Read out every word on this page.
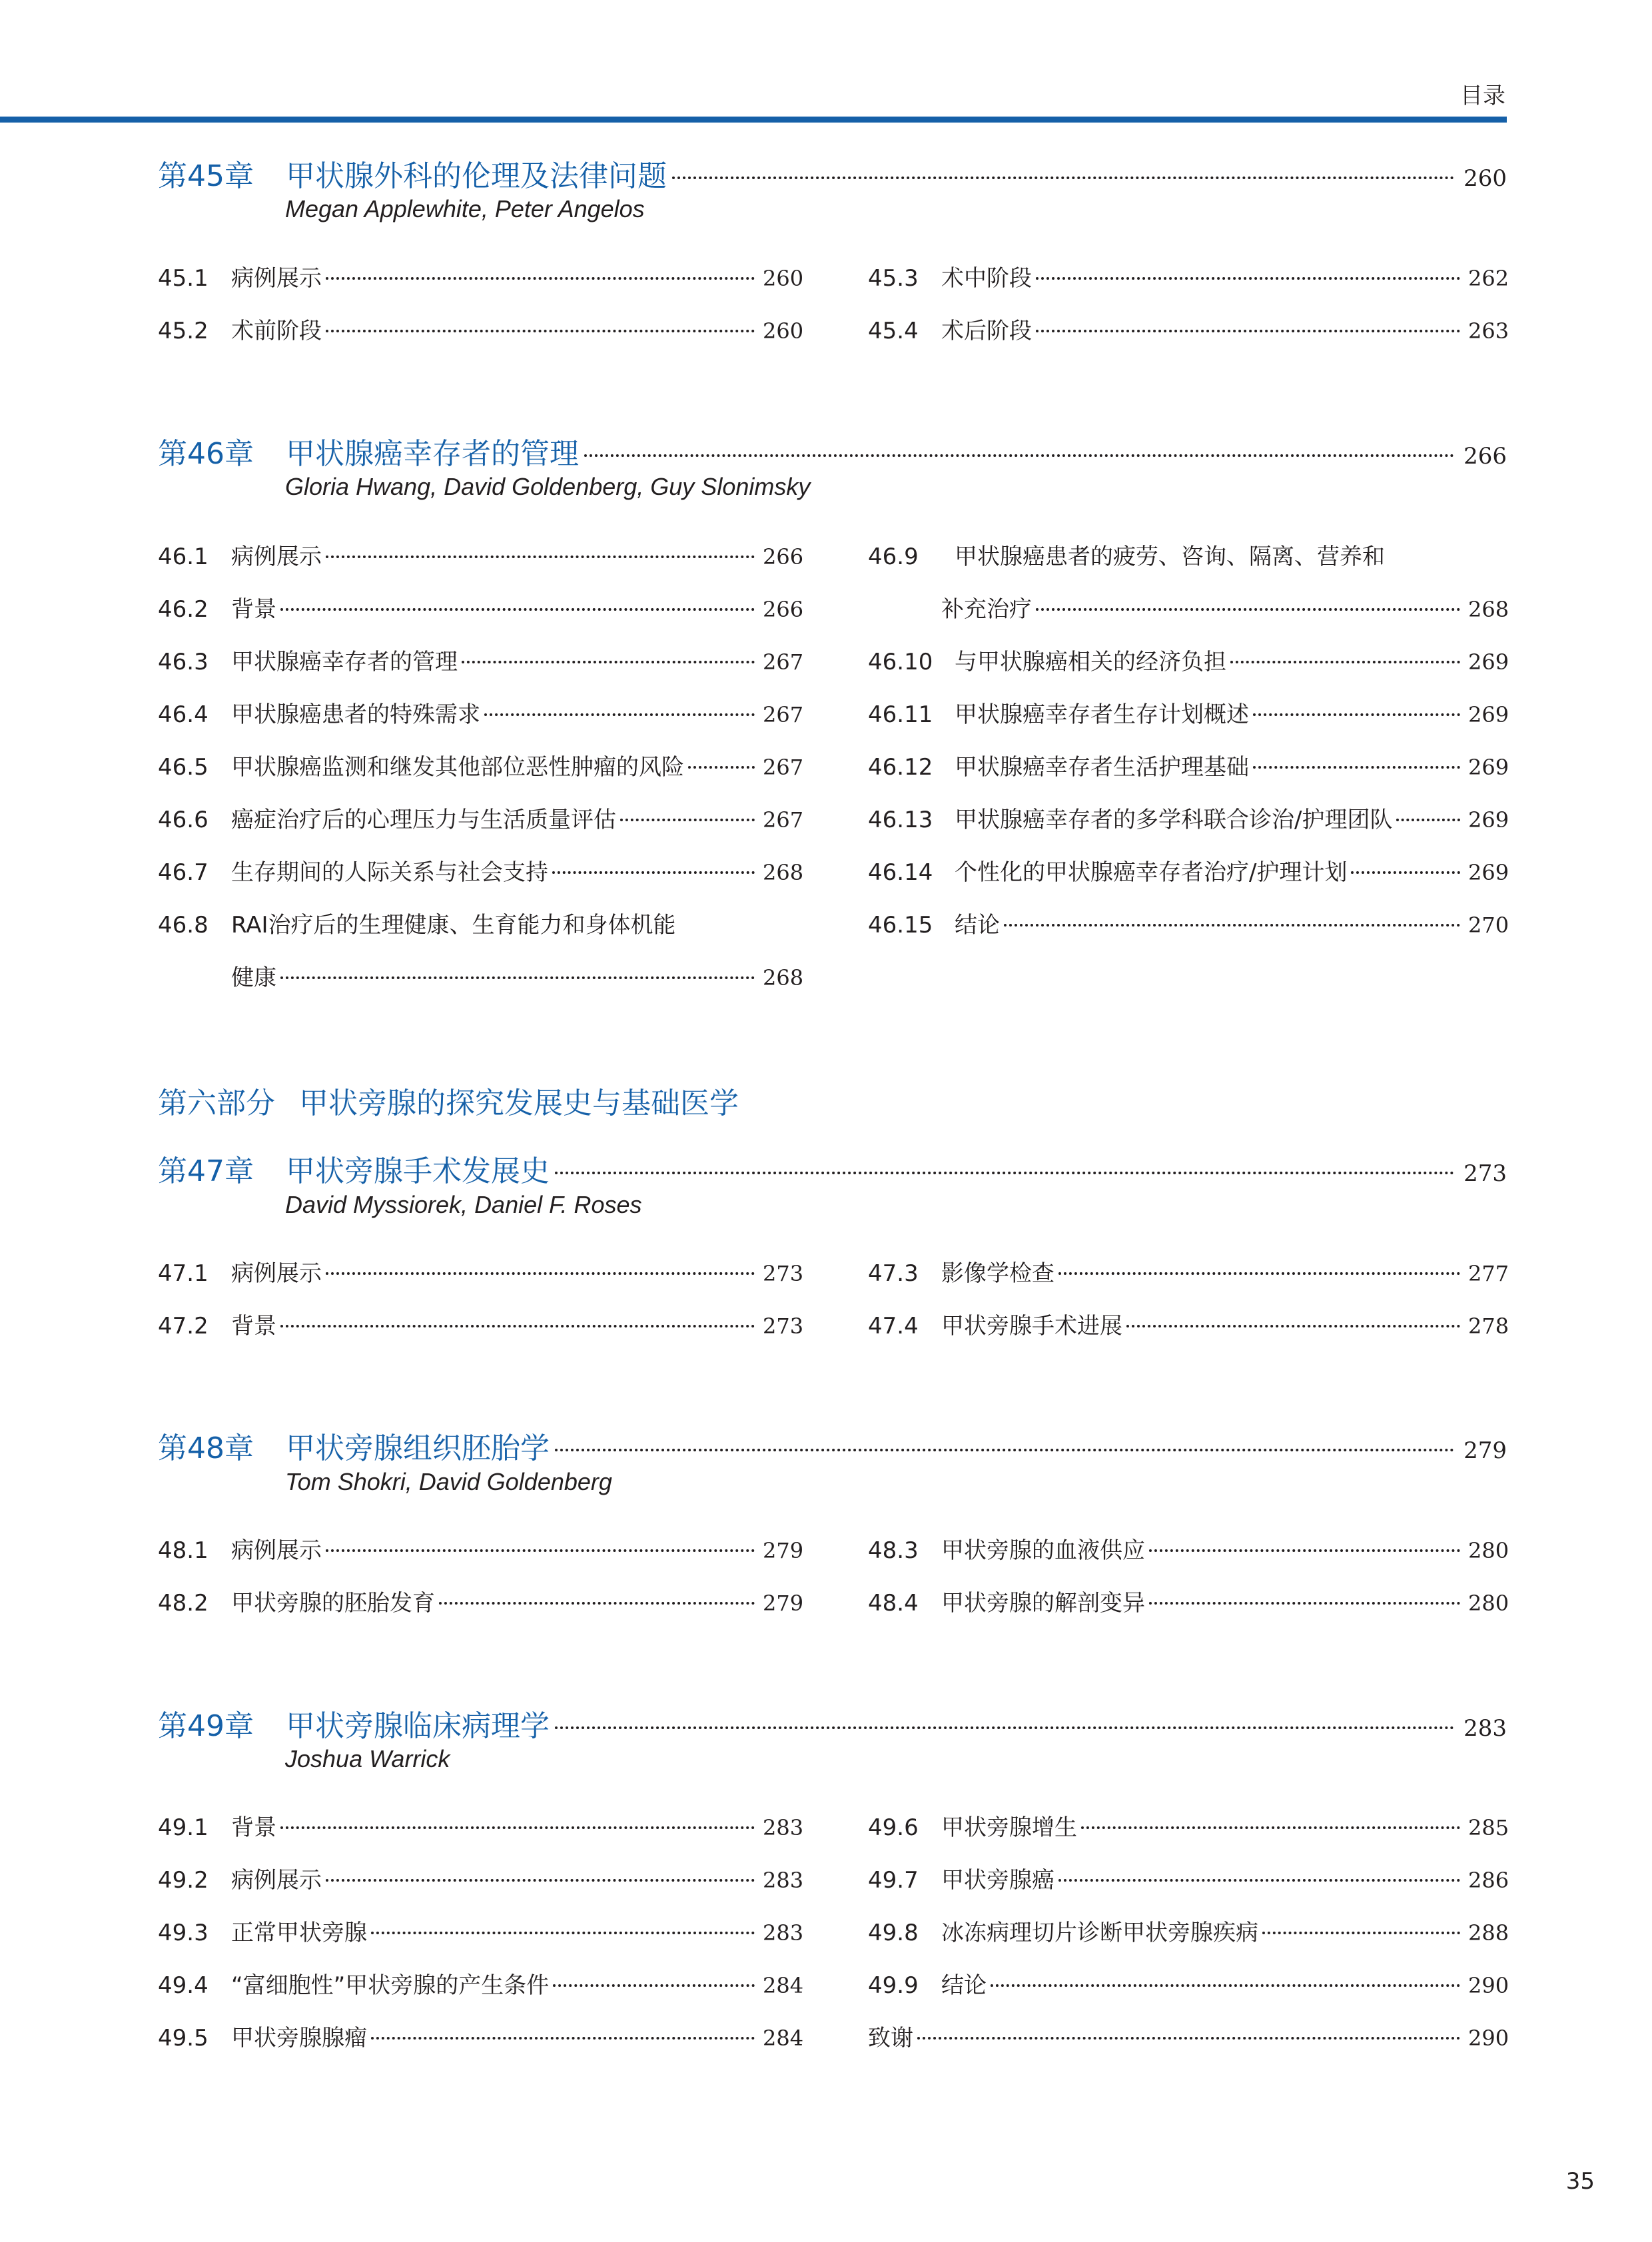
目录
第45章	甲状腺外科的伦理及法律问题	260
Megan Applewhite, Peter Angelos
45.1	病例展示	260
45.2	术前阶段	260
45.3	术中阶段	262
45.4	术后阶段	263
第46章	甲状腺癌幸存者的管理	266
Gloria Hwang, David Goldenberg, Guy Slonimsky
46.1	病例展示	266
46.2	背景	266
46.3	甲状腺癌幸存者的管理	267
46.4	甲状腺癌患者的特殊需求	267
46.5	甲状腺癌监测和继发其他部位恶性肿瘤的风险	267
46.6	癌症治疗后的心理压力与生活质量评估	267
46.7	生存期间的人际关系与社会支持	268
46.8	RAI治疗后的生理健康、生育能力和身体机能
健康	268
46.9	甲状腺癌患者的疲劳、咨询、隔离、营养和
补充治疗	268
46.10 与甲状腺癌相关的经济负担	269
46.11 甲状腺癌幸存者生存计划概述	269
46.12 甲状腺癌幸存者生活护理基础	269
46.13 甲状腺癌幸存者的多学科联合诊治/护理团队	269
46.14 个性化的甲状腺癌幸存者治疗/护理计划	269
46.15 结论	270
第六部分 甲状旁腺的探究发展史与基础医学
第47章	甲状旁腺手术发展史	273
David Myssiorek, Daniel F. Roses
47.1	病例展示	273
47.2	背景	273
47.3	影像学检查	277
47.4	甲状旁腺手术进展	278
第48章	甲状旁腺组织胚胎学	279
Tom Shokri, David Goldenberg
48.1	病例展示	279
48.2	甲状旁腺的胚胎发育	279
48.3	甲状旁腺的血液供应	280
48.4	甲状旁腺的解剖变异	280
第49章	甲状旁腺临床病理学	283
Joshua Warrick
49.1	背景	283
49.2	病例展示	283
49.3	正常甲状旁腺	283
49.4	“富细胞性”甲状旁腺的产生条件	284
49.5	甲状旁腺腺瘤	284
49.6	甲状旁腺增生	285
49.7	甲状旁腺癌	286
49.8	冰冻病理切片诊断甲状旁腺疾病	288
49.9	结论	290
致谢	290
35
